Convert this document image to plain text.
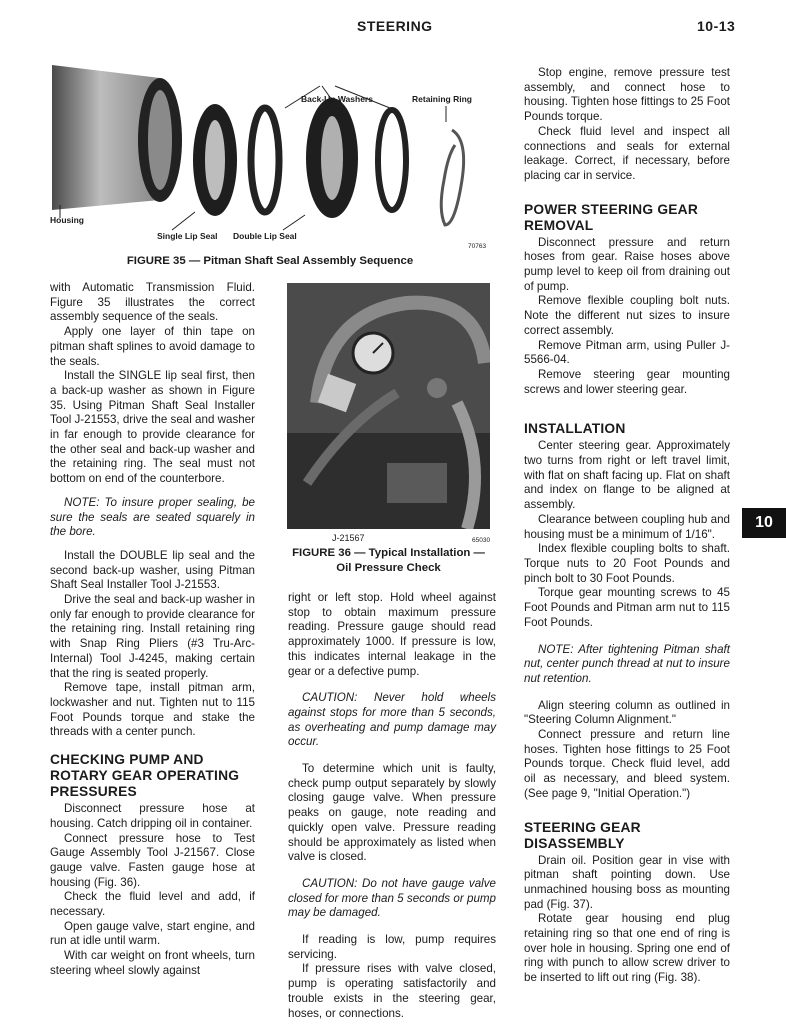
STEERING	10-13
Back-Up Washers	Retaining Ring
Housing
Single Lip Seal Double Lip Seal
70763
FIGURE 35 — Pitman Shaft Seal Assembly Sequence

with Automatic Transmission Fluid. Figure 35 illustrates the correct assembly sequence of the seals.

Apply one layer of thin tape on pitman shaft splines to avoid damage to the seals.

Install the SINGLE lip seal first, then a back-up washer as shown in Figure 35. Using Pitman Shaft Seal Installer Tool J-21553, drive the seal and washer in far enough to provide clearance for the other seal and back-up washer and the retaining ring. The seal must not bottom on end of the counterbore.

NOTE: To insure proper sealing, be sure the seals are seated squarely in the bore.

Install the DOUBLE lip seal and the second back-up washer, using Pitman Shaft Seal Installer Tool J-21553.

Drive the seal and back-up washer in only far enough to provide clearance for the retaining ring. Install retaining ring with Snap Ring Pliers (#3 Tru-Arc-Internal) Tool J-4245, making certain that the ring is seated properly.

Remove tape, install pitman arm, lockwasher and nut. Tighten nut to 115 Foot Pounds torque and stake the threads with a center punch.

CHECKING PUMP AND ROTARY GEAR OPERATING PRESSURES

Disconnect pressure hose at housing. Catch dripping oil in container.

Connect pressure hose to Test Gauge Assembly Tool J-21567. Close gauge valve. Fasten gauge hose at housing (Fig. 36).

Check the fluid level and add, if necessary.

Open gauge valve, start engine, and run at idle until warm.

With car weight on front wheels, turn steering wheel slowly against

J-21567	65030
FIGURE 36 — Typical Installation —
Oil Pressure Check

right or left stop. Hold wheel against stop to obtain maximum pressure reading. Pressure gauge should read approximately 1000. If pressure is low, this indicates internal leakage in the gear or a defective pump.

CAUTION: Never hold wheels against stops for more than 5 seconds, as overheating and pump damage may occur.

To determine which unit is faulty, check pump output separately by slowly closing gauge valve. When pressure peaks on gauge, note reading and quickly open valve. Pressure reading should be approximately as listed when valve is closed.

CAUTION: Do not have gauge valve closed for more than 5 seconds or pump may be damaged.

If reading is low, pump requires servicing.

If pressure rises with valve closed, pump is operating satisfactorily and trouble exists in the steering gear, hoses, or connections.

Stop engine, remove pressure test assembly, and connect hose to housing. Tighten hose fittings to 25 Foot Pounds torque.

Check fluid level and inspect all connections and seals for external leakage. Correct, if necessary, before placing car in service.

POWER STEERING GEAR REMOVAL

Disconnect pressure and return hoses from gear. Raise hoses above pump level to keep oil from draining out of pump.

Remove flexible coupling bolt nuts. Note the different nut sizes to insure correct assembly.

Remove Pitman arm, using Puller J-5566-04.

Remove steering gear mounting screws and lower steering gear.

INSTALLATION

Center steering gear. Approximately two turns from right or left travel limit, with flat on shaft facing up. Flat on shaft and index on flange to be aligned at assembly.

Clearance between coupling hub and housing must be a minimum of 1/16".

Index flexible coupling bolts to shaft. Torque nuts to 20 Foot Pounds and pinch bolt to 30 Foot Pounds.

Torque gear mounting screws to 45 Foot Pounds and Pitman arm nut to 115 Foot Pounds.

NOTE: After tightening Pitman shaft nut, center punch thread at nut to insure nut retention.

Align steering column as outlined in "Steering Column Alignment."

Connect pressure and return line hoses. Tighten hose fittings to 25 Foot Pounds torque. Check fluid level, add oil as necessary, and bleed system. (See page 9, "Initial Operation.")

STEERING GEAR DISASSEMBLY

Drain oil. Position gear in vise with pitman shaft pointing down. Use unmachined housing boss as mounting pad (Fig. 37).

Rotate gear housing end plug retaining ring so that one end of ring is over hole in housing. Spring one end of ring with punch to allow screw driver to be inserted to lift out ring (Fig. 38).

10
